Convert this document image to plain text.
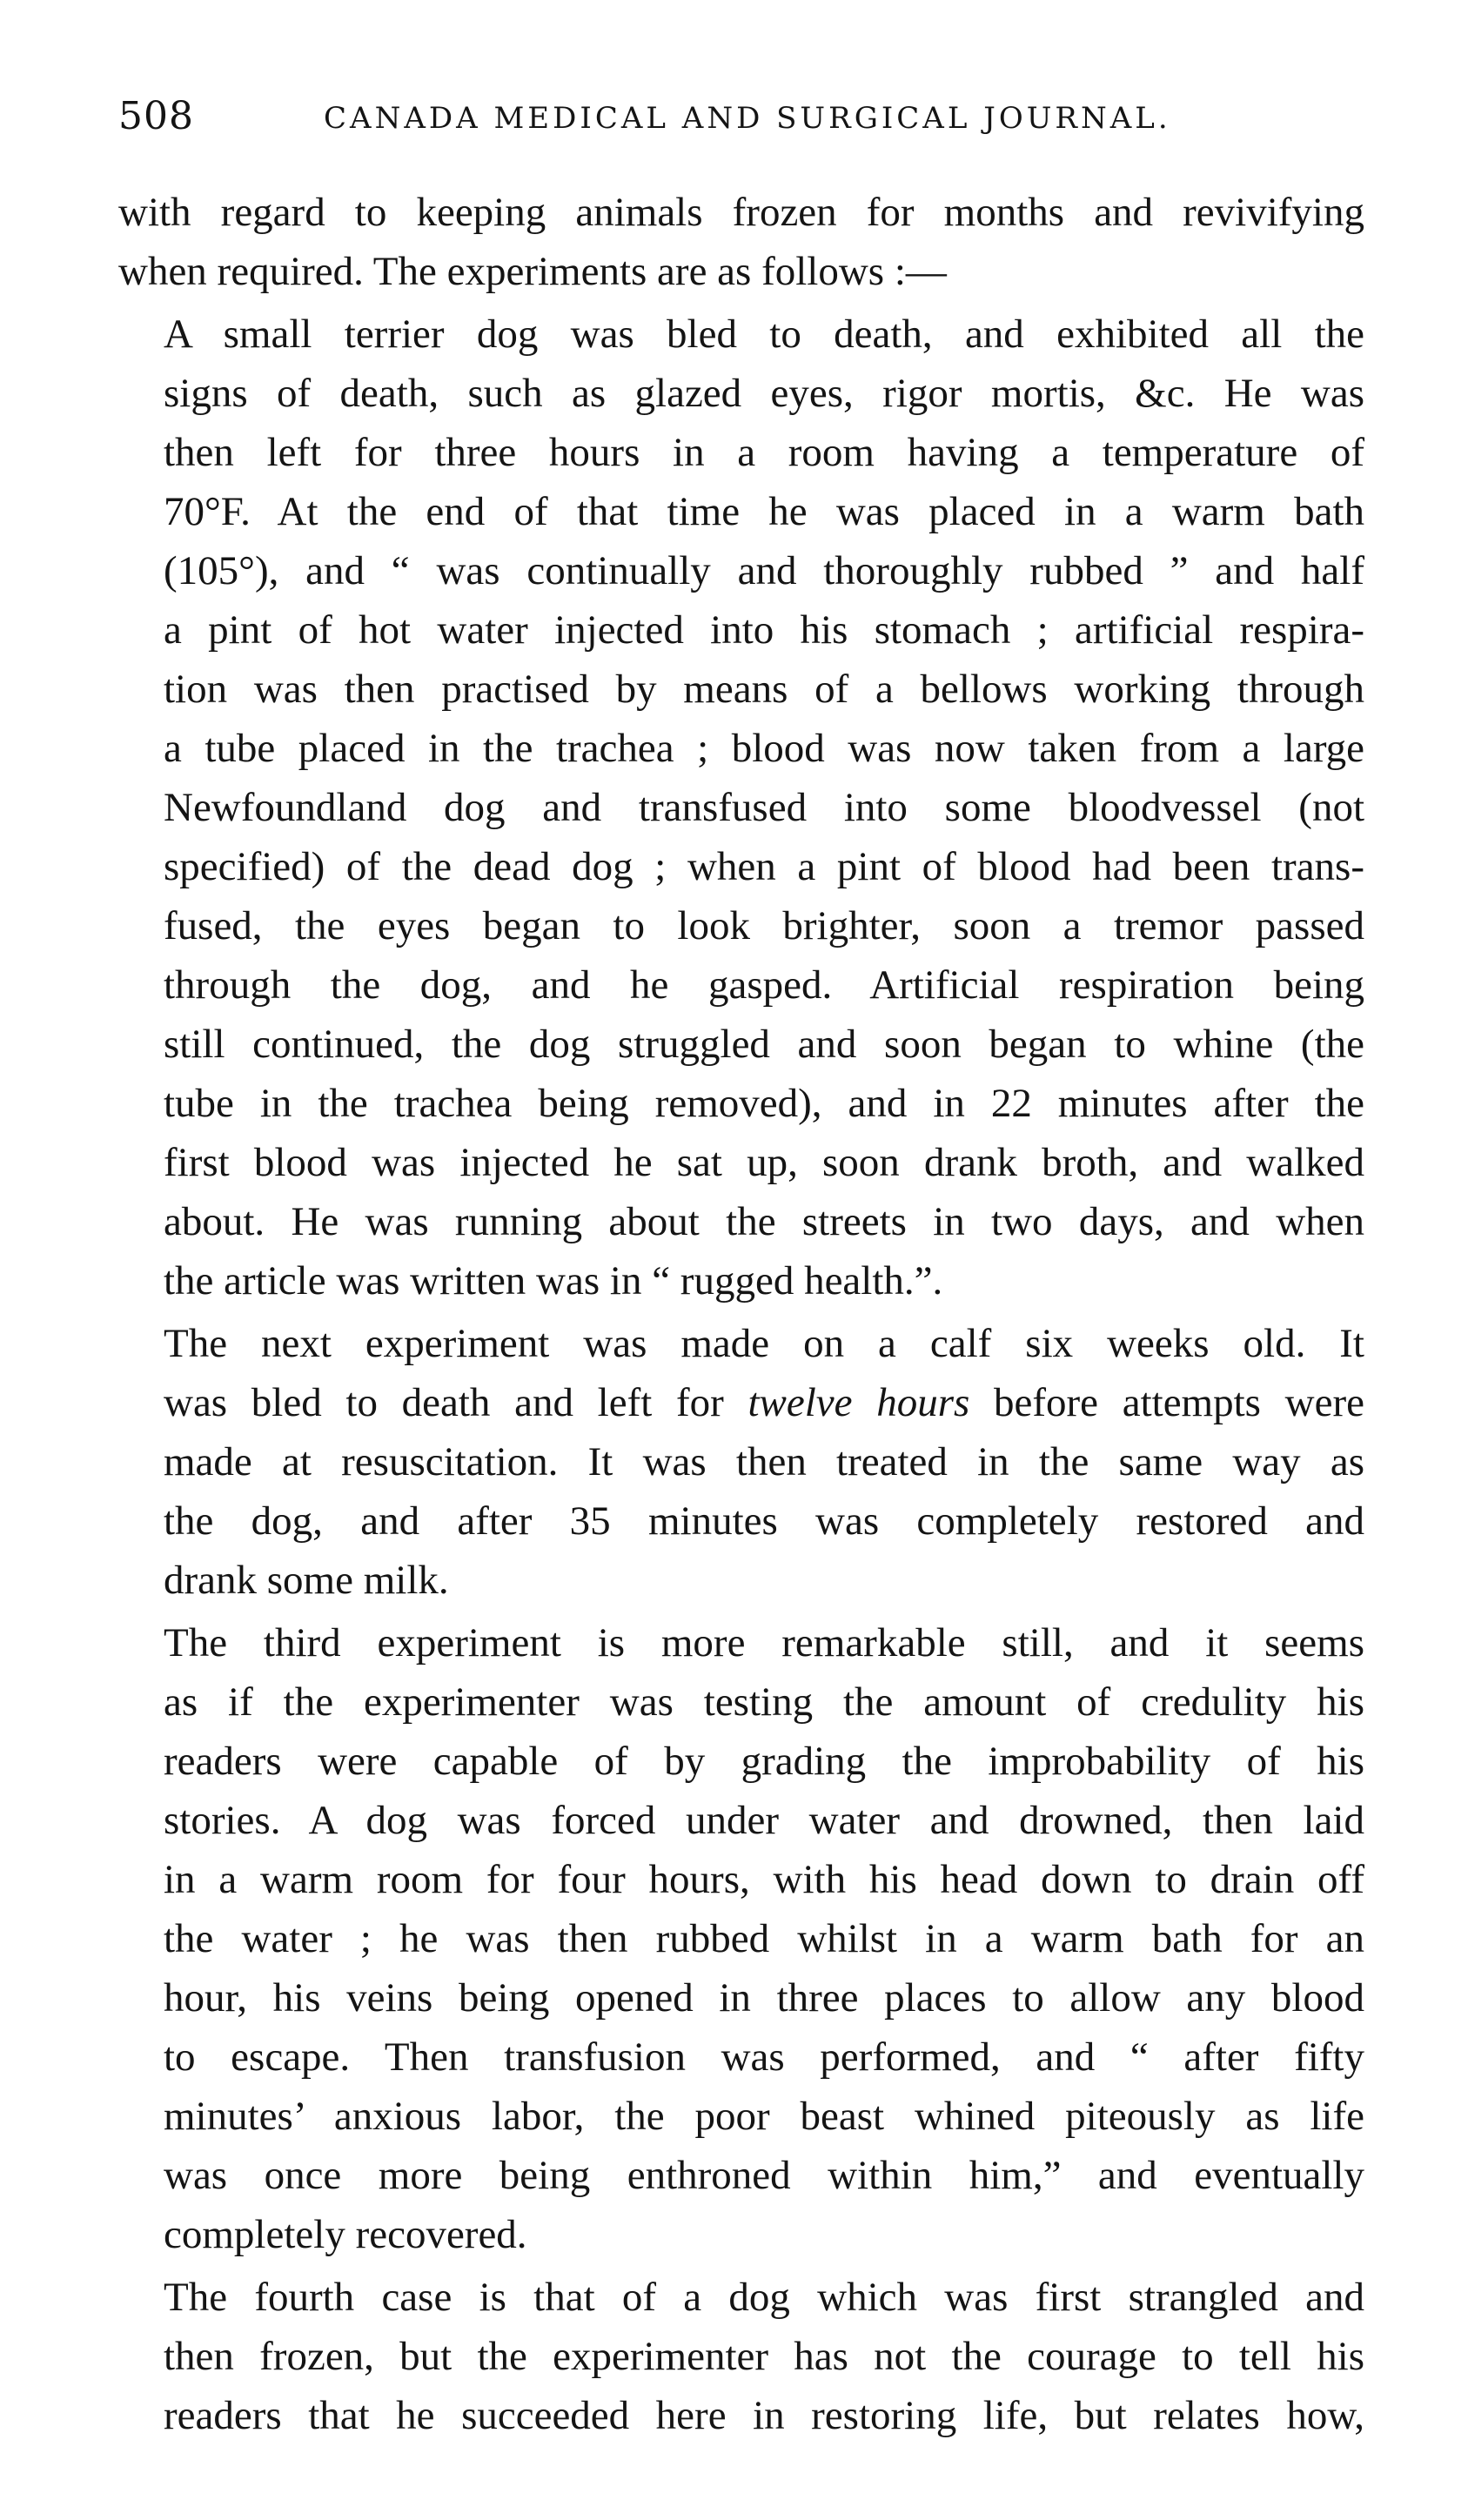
508	CANADA MEDICAL AND SURGICAL JOURNAL.

with regard to keeping animals frozen for months and revivifying
when required. The experiments are as follows :—

A small terrier dog was bled to death, and exhibited all the
signs of death, such as glazed eyes, rigor mortis, &c. He was
then left for three hours in a room having a temperature of
70°F. At the end of that time he was placed in a warm bath
(105°), and “ was continually and thoroughly rubbed ” and half
a pint of hot water injected into his stomach ; artificial respira-
tion was then practised by means of a bellows working through
a tube placed in the trachea ; blood was now taken from a large
Newfoundland dog and transfused into some bloodvessel (not
specified) of the dead dog ; when a pint of blood had been trans-
fused, the eyes began to look brighter, soon a tremor passed
through the dog, and he gasped. Artificial respiration being
still continued, the dog struggled and soon began to whine (the
tube in the trachea being removed), and in 22 minutes after the
first blood was injected he sat up, soon drank broth, and walked
about. He was running about the streets in two days, and when
the article was written was in “ rugged health.”.

The next experiment was made on a calf six weeks old. It
was bled to death and left for twelve hours before attempts were
made at resuscitation. It was then treated in the same way as
the dog, and after 35 minutes was completely restored and
drank some milk.

The third experiment is more remarkable still, and it seems
as if the experimenter was testing the amount of credulity his
readers were capable of by grading the improbability of his
stories. A dog was forced under water and drowned, then laid
in a warm room for four hours, with his head down to drain off
the water ; he was then rubbed whilst in a warm bath for an
hour, his veins being opened in three places to allow any blood
to escape. Then transfusion was performed, and “ after fifty
minutes’ anxious labor, the poor beast whined piteously as life
was once more being enthroned within him,” and eventually
completely recovered.

The fourth case is that of a dog which was first strangled and
then frozen, but the experimenter has not the courage to tell his
readers that he succeeded here in restoring life, but relates how,
